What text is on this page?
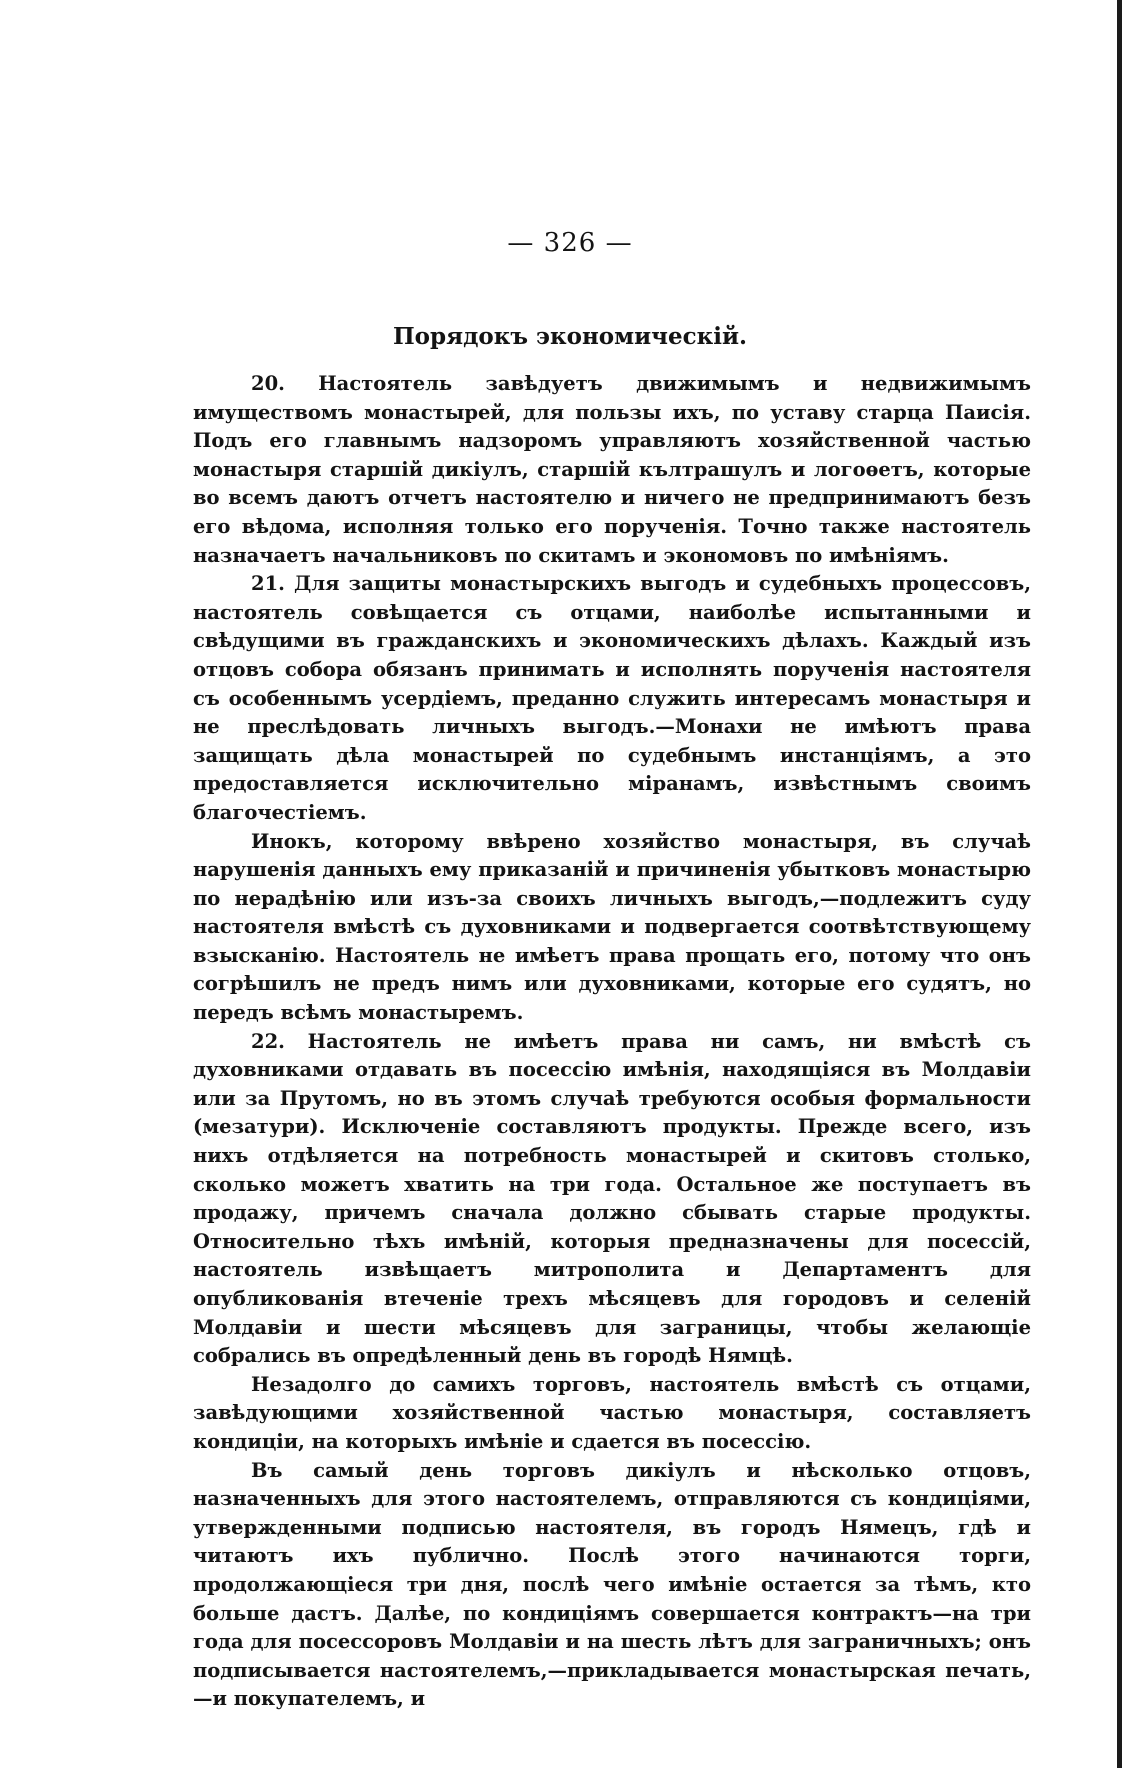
— 326 —
Порядокъ экономическій.

20. Настоятель завѣдуетъ движимымъ и недвижимымъ имуществомъ монастырей, для пользы ихъ, по уставу старца Паисія. Подъ его главнымъ надзоромъ управляютъ хозяйственной частью монастыря старшій дикіулъ, старшій кълтрашулъ и логоѳетъ, которые во всемъ даютъ отчетъ настоятелю и ничего не предпринимаютъ безъ его вѣдома, исполняя только его порученія. Точно также настоятель назначаетъ начальниковъ по скитамъ и экономовъ по имѣніямъ.

21. Для защиты монастырскихъ выгодъ и судебныхъ процессовъ, настоятель совѣщается съ отцами, наиболѣе испытанными и свѣдущими въ гражданскихъ и экономическихъ дѣлахъ. Каждый изъ отцовъ собора обязанъ принимать и исполнять порученія настоятеля съ особеннымъ усердіемъ, преданно служить интересамъ монастыря и не преслѣдовать личныхъ выгодъ.—Монахи не имѣютъ права защищать дѣла монастырей по судебнымъ инстанціямъ, а это предоставляется исключительно міранамъ, извѣстнымъ своимъ благочестіемъ.

Инокъ, которому ввѣрено хозяйство монастыря, въ случаѣ нарушенія данныхъ ему приказаній и причиненія убытковъ монастырю по нерадѣнію или изъ-за своихъ личныхъ выгодъ,—подлежитъ суду настоятеля вмѣстѣ съ духовниками и подвергается соотвѣтствующему взысканію. Настоятель не имѣетъ права прощать его, потому что онъ согрѣшилъ не предъ нимъ или духовниками, которые его судятъ, но передъ всѣмъ монастыремъ.

22. Настоятель не имѣетъ права ни самъ, ни вмѣстѣ съ духовниками отдавать въ посессію имѣнія, находящіяся въ Молдавіи или за Прутомъ, но въ этомъ случаѣ требуются особыя формальности (мезатури). Исключеніе составляютъ продукты. Прежде всего, изъ нихъ отдѣляется на потребность монастырей и скитовъ столько, сколько можетъ хватить на три года. Остальное же поступаетъ въ продажу, причемъ сначала должно сбывать старые продукты. Относительно тѣхъ имѣній, которыя предназначены для посессій, настоятель извѣщаетъ митрополита и Департаментъ для опубликованія втеченіе трехъ мѣсяцевъ для городовъ и селеній Молдавіи и шести мѣсяцевъ для заграницы, чтобы желающіе собрались въ опредѣленный день въ городѣ Нямцѣ.

Незадолго до самихъ торговъ, настоятель вмѣстѣ съ отцами, завѣдующими хозяйственной частью монастыря, составляетъ кондиціи, на которыхъ имѣніе и сдается въ посессію.

Въ самый день торговъ дикіулъ и нѣсколько отцовъ, назначенныхъ для этого настоятелемъ, отправляются съ кондиціями, утвержденными подписью настоятеля, въ городъ Нямецъ, гдѣ и читаютъ ихъ публично. Послѣ этого начинаются торги, продолжающіеся три дня, послѣ чего имѣніе остается за тѣмъ, кто больше дастъ. Далѣе, по кондиціямъ совершается контрактъ—на три года для посессоровъ Молдавіи и на шесть лѣтъ для заграничныхъ; онъ подписывается настоятелемъ,—прикладывается монастырская печать,—и покупателемъ, и
